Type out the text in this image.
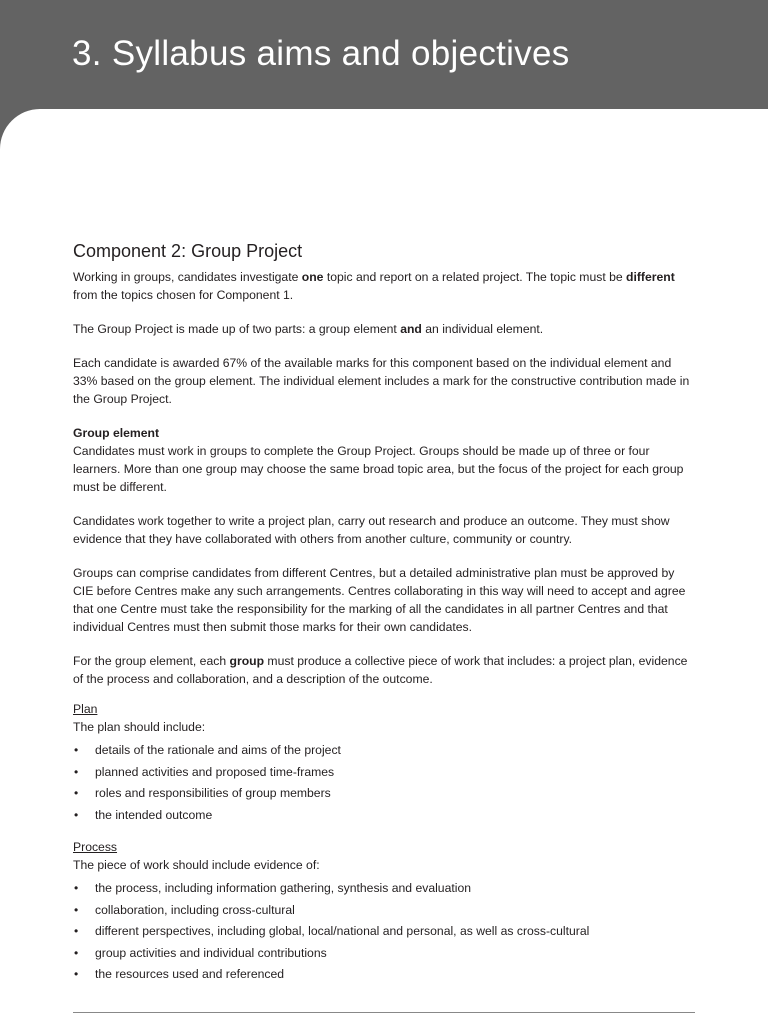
3. Syllabus aims and objectives
Component 2: Group Project

Working in groups, candidates investigate one topic and report on a related project. The topic must be different from the topics chosen for Component 1.

The Group Project is made up of two parts: a group element and an individual element.

Each candidate is awarded 67% of the available marks for this component based on the individual element and 33% based on the group element. The individual element includes a mark for the constructive contribution made in the Group Project.

Group element

Candidates must work in groups to complete the Group Project. Groups should be made up of three or four learners. More than one group may choose the same broad topic area, but the focus of the project for each group must be different.

Candidates work together to write a project plan, carry out research and produce an outcome. They must show evidence that they have collaborated with others from another culture, community or country.

Groups can comprise candidates from different Centres, but a detailed administrative plan must be approved by CIE before Centres make any such arrangements. Centres collaborating in this way will need to accept and agree that one Centre must take the responsibility for the marking of all the candidates in all partner Centres and that individual Centres must then submit those marks for their own candidates.

For the group element, each group must produce a collective piece of work that includes: a project plan, evidence of the process and collaboration, and a description of the outcome.

Plan
The plan should include:
• details of the rationale and aims of the project
• planned activities and proposed time-frames
• roles and responsibilities of group members
• the intended outcome
Process
The piece of work should include evidence of:
• the process, including information gathering, synthesis and evaluation
• collaboration, including cross-cultural
• different perspectives, including global, local/national and personal, as well as cross-cultural
• group activities and individual contributions
• the resources used and referenced
